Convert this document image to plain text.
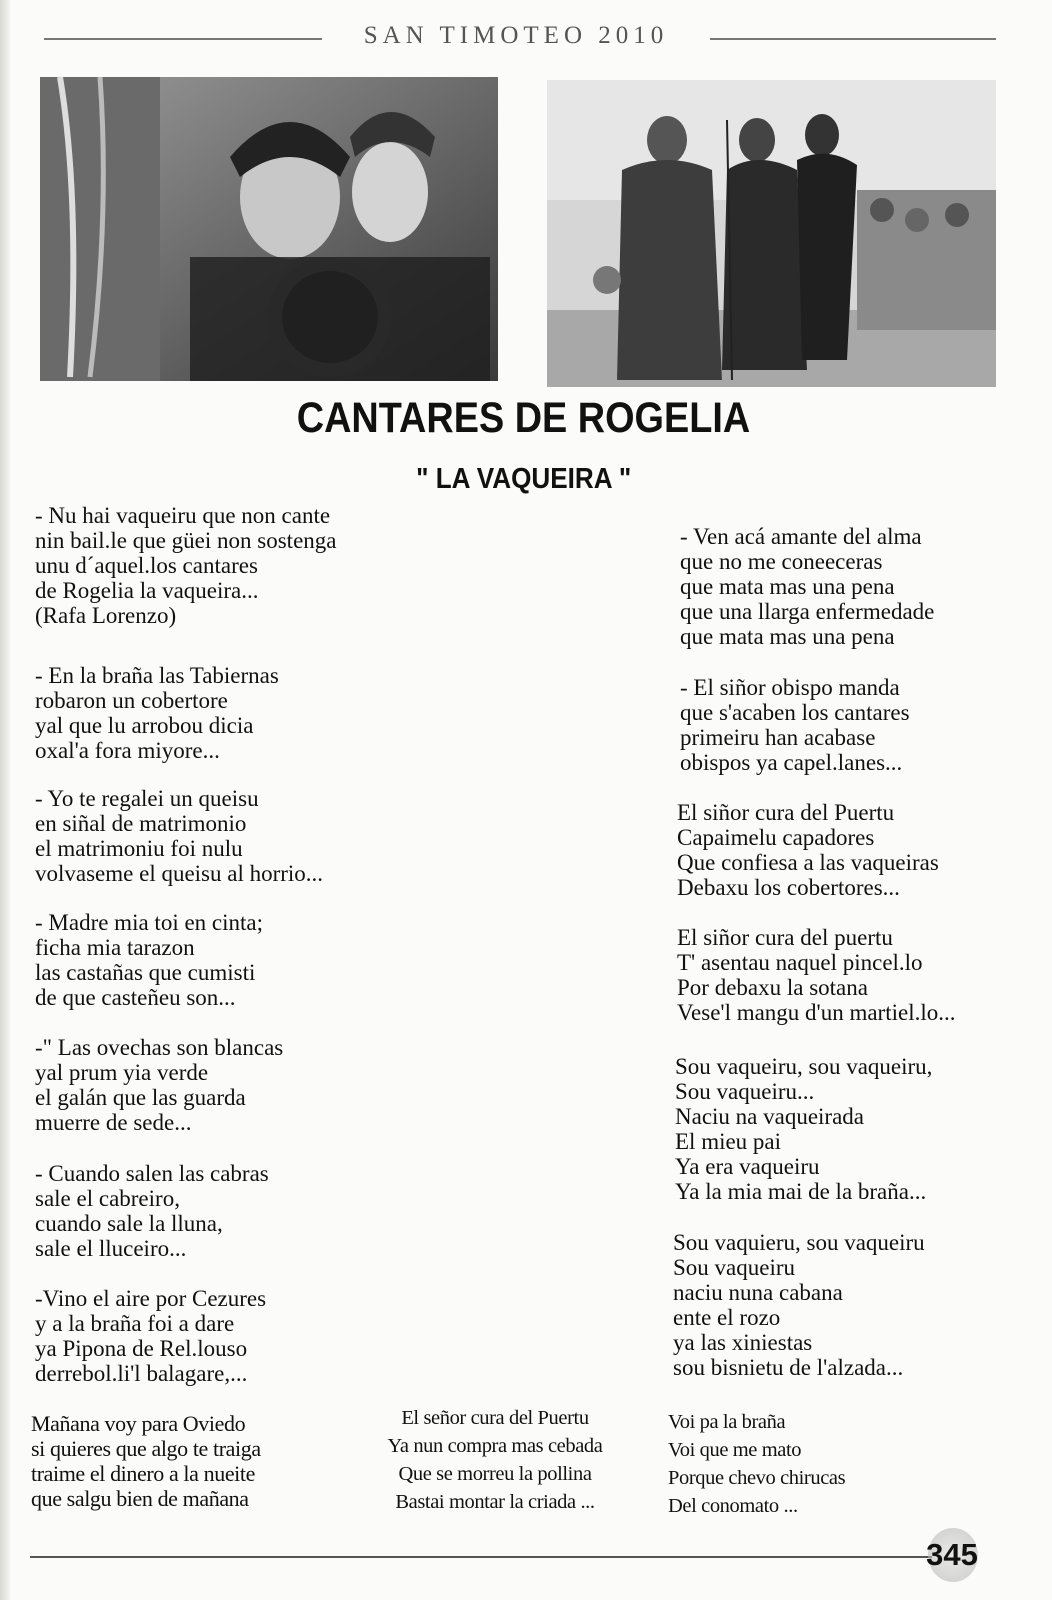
SAN TIMOTEO 2010
CANTARES DE ROGELIA
" LA VAQUEIRA "
- Nu hai vaqueiru que non cante
nin bail.le que güei non sostenga
unu d´aquel.los cantares
de Rogelia la vaqueira...
(Rafa Lorenzo)
- En la braña las Tabiernas
robaron un cobertore
yal que lu arrobou dicia
oxal'a fora miyore...
- Yo te regalei un queisu
en siñal de matrimonio
el matrimoniu foi nulu
volvaseme el queisu al horrio...
- Madre mia toi en cinta;
ficha mia tarazon
las castañas que cumisti
de que casteñeu son...
-" Las ovechas son blancas
yal prum yia verde
el galán que las guarda
muerre de sede...
- Cuando salen las cabras
sale el cabreiro,
cuando sale la lluna,
sale el lluceiro...
-Vino el aire por Cezures
y a la braña foi a dare
ya Pipona de Rel.louso
derrebol.li'l balagare,...
- Ven acá amante del alma
que no me coneeceras
que mata mas una pena
que una llarga enfermedade
que mata mas una pena
- El siñor obispo manda
que s'acaben los cantares
primeiru han acabase
obispos ya capel.lanes...
El siñor cura del Puertu
Capaimelu capadores
Que confiesa a las vaqueiras
Debaxu los cobertores...
El siñor cura del puertu
T' asentau naquel pincel.lo
Por debaxu la sotana
Vese'l mangu d'un martiel.lo...
Sou vaqueiru, sou vaqueiru,
Sou vaqueiru...
Naciu na vaqueirada
El mieu pai
Ya era vaqueiru
Ya la mia mai de la braña...
Sou vaquieru, sou vaqueiru
Sou vaqueiru
naciu nuna cabana
ente el rozo
ya las xiniestas
sou bisnietu de l'alzada...
Mañana voy para Oviedo
si quieres que algo te traiga
traime el dinero a la nueite
que salgu bien de mañana
El señor cura del Puertu
Ya nun compra mas cebada
Que se morreu la pollina
Bastai montar la criada ...
Voi pa la braña
Voi que me mato
Porque chevo chirucas
Del conomato ...
345
